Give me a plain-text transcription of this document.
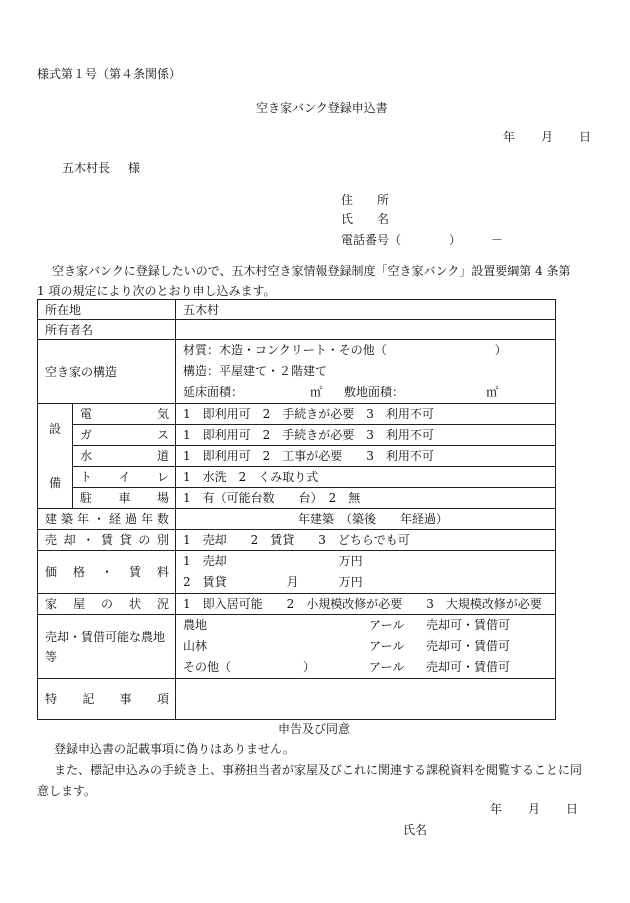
様式第１号（第４条関係）
空き家バンク登録申込書
年 月 日
五木村長 様
住　　所
氏　　名
電話番号（　　　　）　　　－
空き家バンクに登録したいので、五木村空き家情報登録制度「空き家バンク」設置要綱第 4 条第
1 項の規定により次のとおり申し込みます。
所在地		五木村
所有者名		
空き家の構造		材質：木造・コンクリート・その他（　　　　　　　　　）
構造：平屋建て・２階建て
延床面積： ㎡ 敷地面積： ㎡

設
備	電　　　気	1　即利用可　2　手続きが必要　3　利用不可
	ガ　　　ス	1　即利用可　2　手続きが必要　3　利用不可
	水　　　道	1　即利用可　2　工事が必要　　3　利用不可
	ト　イ　レ	1　水洗　2　くみ取り式
	駐　車　場	1　有（可能台数　　台）　2　無
建築年・経過年数		年建築　（築後　　年経過）
売却・賃貸の別		1　売却　　2　賃貸　　3　どちらでも可
価　格　・　賃　料		1　売却 万円
2　賃貸 月 万円

家屋の状況		1　即入居可能　　2　小規模改修が必要　　3　大規模改修が必要
売却・賃借可能な農地等		農地 アール 売却可・賃借可
山林 アール 売却可・賃借可
その他（　　　　　　） アール 売却可・賃借可

特記事項		
申告及び同意
登録申込書の記載事項に偽りはありません。
また、標記申込みの手続き上、事務担当者が家屋及びこれに関連する課税資料を閲覧することに同意します。
年 月 日
氏名
